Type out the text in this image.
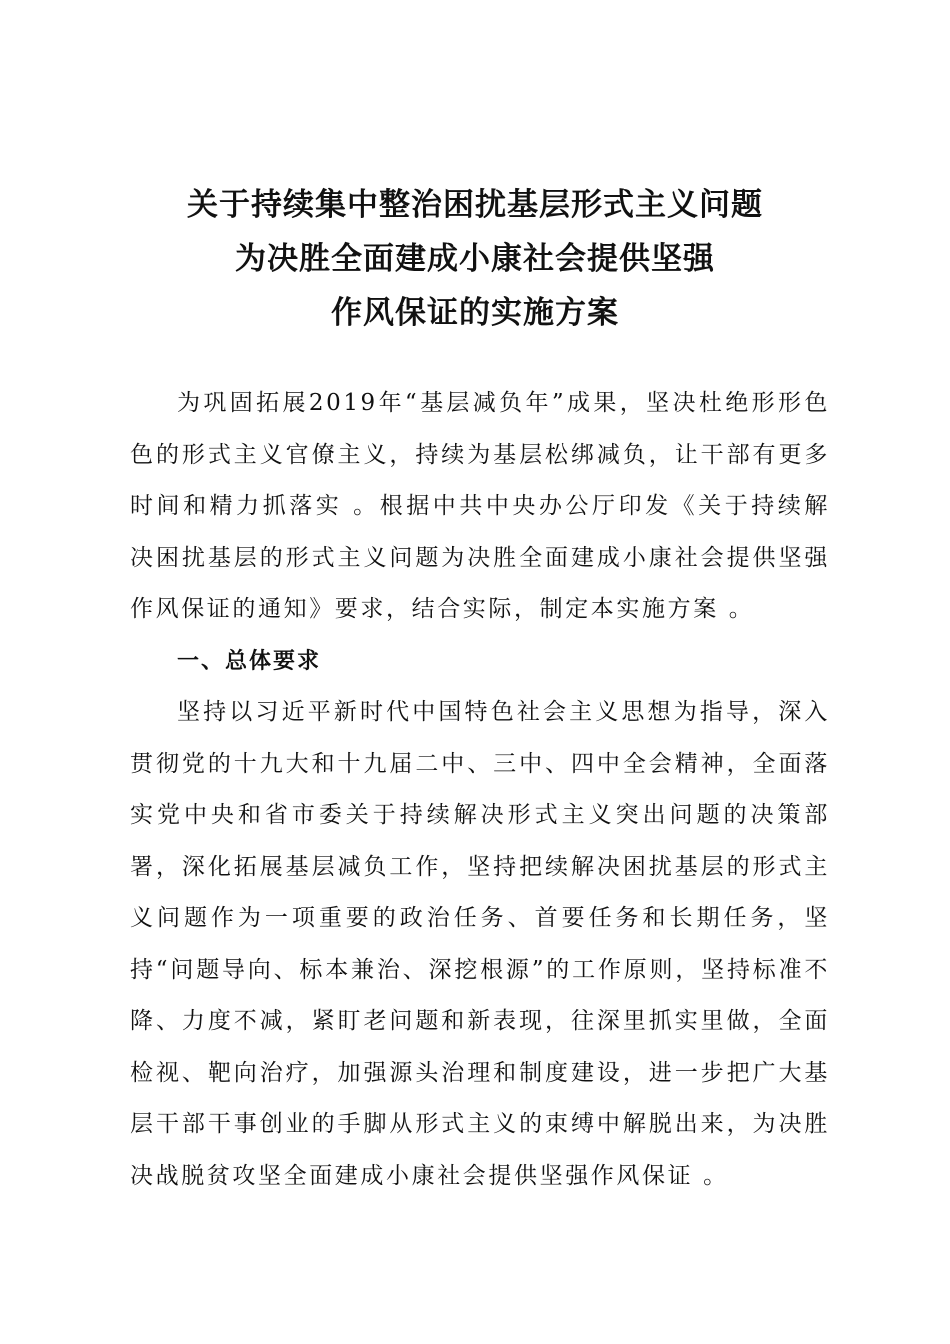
关于持续集中整治困扰基层形式主义问题
为决胜全面建成小康社会提供坚强
作风保证的实施方案

为巩固拓展2019年“基层减负年”成果，坚决杜绝形形色色的形式主义官僚主义，持续为基层松绑减负，让干部有更多时间和精力抓落实 。根据中共中央办公厅印发《关于持续解决困扰基层的形式主义问题为决胜全面建成小康社会提供坚强作风保证的通知》要求，结合实际，制定本实施方案 。

一、总体要求

坚持以习近平新时代中国特色社会主义思想为指导，深入贯彻党的十九大和十九届二中、三中、四中全会精神，全面落实党中央和省市委关于持续解决形式主义突出问题的决策部署，深化拓展基层减负工作，坚持把续解决困扰基层的形式主义问题作为一项重要的政治任务、首要任务和长期任务，坚持“问题导向、标本兼治、深挖根源”的工作原则，坚持标准不降、力度不减，紧盯老问题和新表现，往深里抓实里做，全面检视、靶向治疗，加强源头治理和制度建设，进一步把广大基层干部干事创业的手脚从形式主义的束缚中解脱出来，为决胜决战脱贫攻坚全面建成小康社会提供坚强作风保证 。
